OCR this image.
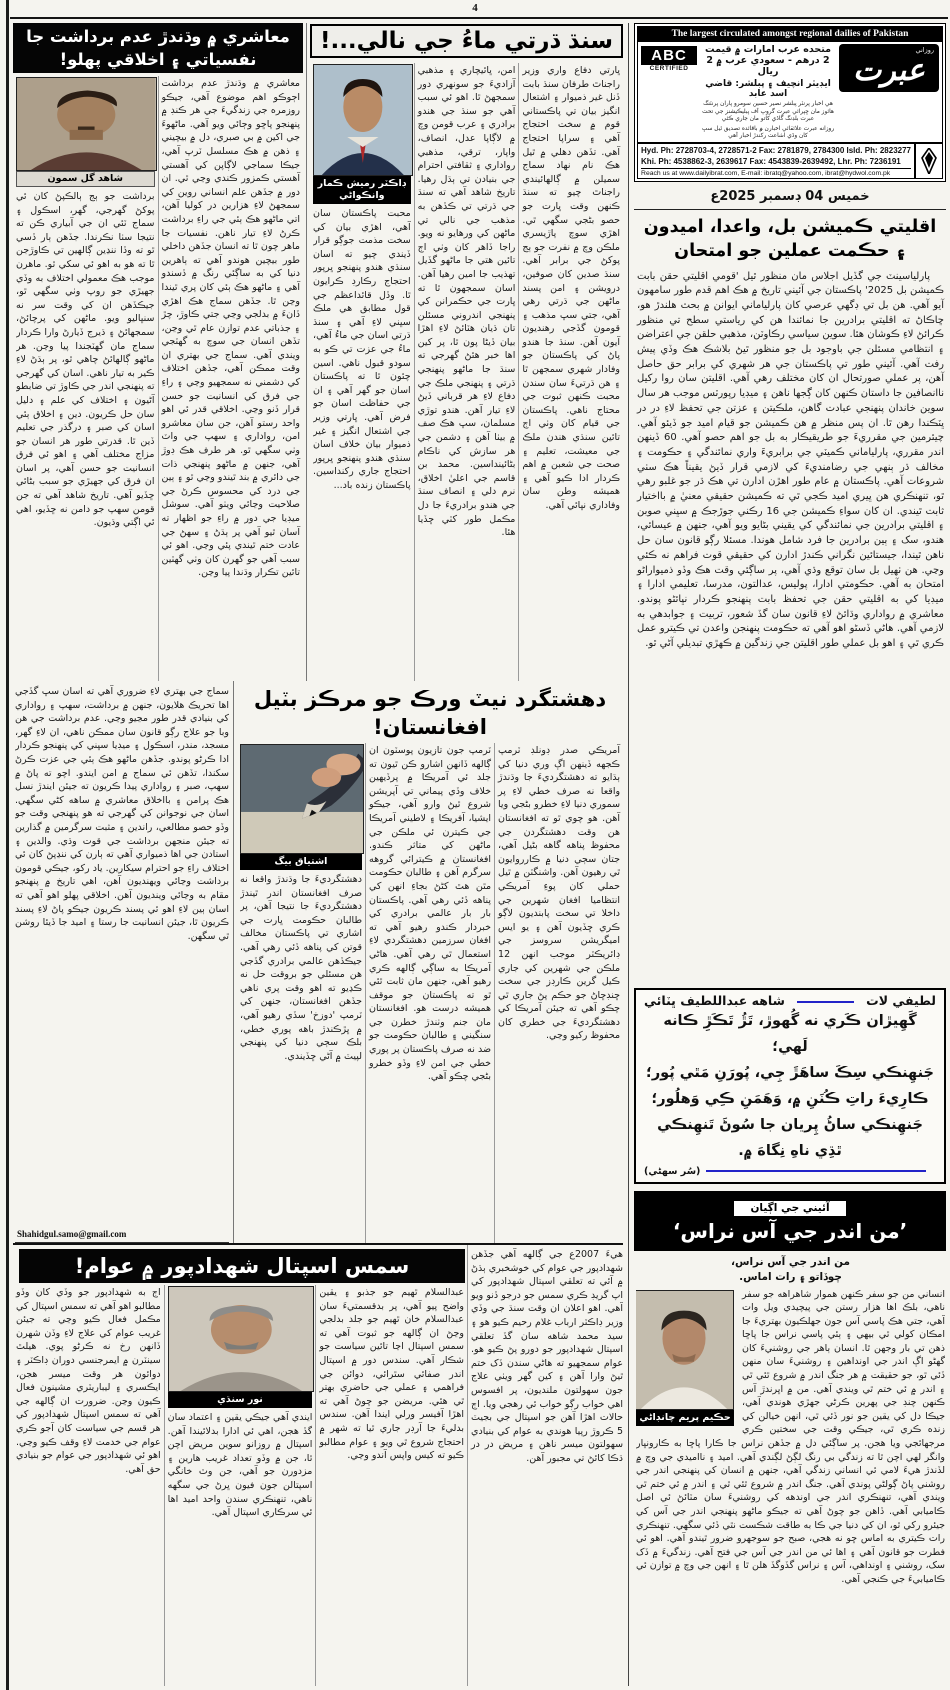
4
معاشري ۾ وڌندڙ عدم برداشت جا نفسياتي ۽ اخلاقي پهلو!
شاهد گل سمون
برداشت جو ٻج ٻالڪپڻ کان ئي پوکڻ گهرجي، گهر، اسڪول ۽ سماج ٽئي ان جي آبياري ڪن ته نتيجا سٺا نڪرندا. جڏهن ٻار ڏسي ٿو ته وڏا ننڍين ڳالهين تي ڪاوڙجن ٿا ته هو به اهو ئي سکي ٿو. ماهرن موجب هڪ معمولي اختلاف به وڏي جهيڙي جو روپ وٺي سگهي ٿو، جيڪڏهن ان کي وقت سر نه سنڀاليو ويو. ماڻهن کي پرچائڻ، سمجهائڻ ۽ ڌيرج ڏيارڻ وارا ڪردار سماج مان گهٽجندا پيا وڃن. هر ماڻهو ڳالهائڻ چاهي ٿو، پر ٻڌڻ لاءِ ڪير به تيار ناهي. اسان کي گهرجي ته پنهنجي اندر جي ڪاوڙ تي ضابطو آڻيون ۽ اختلاف کي علم ۽ دليل سان حل ڪريون. دين ۽ اخلاق ٻئي اسان کي صبر ۽ درگذر جي تعليم ڏين ٿا. قدرتي طور هر انسان جو مزاج مختلف آهي ۽ اهو ئي فرق انسانيت جو حسن آهي، پر اسان ان فرق کي جهيڙي جو سبب بڻائي ڇڏيو آهي. تاريخ شاهد آهي ته جن قومن سهپ جو دامن نه ڇڏيو، اهي ئي اڳتي وڌيون.
معاشري ۾ وڌندڙ عدم برداشت اڄوڪو اهم موضوع آهي، جيڪو روزمره جي زندگيءَ جي هر ڪنڊ ۾ پنهنجو پاڇو وڄائي ويو آهي. ماڻهوءَ جي اکين ۾ بي صبري، دل ۾ بيچيني ۽ ذهن ۾ هڪ مسلسل ٽرپ آهي، جيڪا سماجي لاڳاپن کي آهستي آهستي ڪمزور ڪندي وڃي ٿي. ان دور ۾ جڏهن علم انساني روين کي سمجهڻ لاءِ هزارين در کوليا آهن، اتي ماڻهو هڪ ٻئي جي راءِ برداشت ڪرڻ لاءِ تيار ناهن. نفسيات جا ماهر چون ٿا ته انسان جڏهن داخلي طور بيچين هوندو آهي ته ٻاهرين دنيا کي به ساڳئي رنگ ۾ ڏسندو آهي ۽ ماڻهو هڪ ٻئي کان پري ٿيندا وڃن ٿا. جڏهن سماج هڪ اهڙي ڏانءَ ۾ بدلجي وڃي جتي ڪاوڙ، چڙ ۽ جذباتي عدم توازن عام ٿي وڃن، تڏهن انسان جي سوچ به گهٽجي ويندي آهي. سماج جي بهتري ان وقت ممڪن آهي، جڏهن اختلاف کي دشمني نه سمجهيو وڃي ۽ راءِ جي فرق کي انسانيت جو حسن قرار ڏنو وڃي. اخلاقي قدر ئي اهو واحد رستو آهن، جن سان معاشرو امن، رواداري ۽ سهپ جي واٽ وٺي سگهي ٿو. هر طرف هڪ ڊوڙ آهي، جنهن ۾ ماڻهو پنهنجي ذات جي دائري ۾ بند ٿيندو وڃي ٿو ۽ ٻين جي درد کي محسوس ڪرڻ جي صلاحيت وڃائي ويٺو آهي. سوشل ميڊيا جي دور ۾ راءِ جو اظهار ته آسان ٿيو آهي پر ٻڌڻ ۽ سهڻ جي عادت ختم ٿيندي پئي وڃي. اهو ئي سبب آهي جو گهرن کان وٺي گهٽين تائين تڪرار وڌندا پيا وڃن.
سنڌ ڌرتي ماءُ جي نالي...!
ڊاڪٽر رميش ڪمار وانڪواڻي
محبت پاڪستان سان آهي، اهڙي بيان کي سخت مذمت جوڳو قرار ڏيندي چيو ته اسان سنڌي هندو پنهنجو ڀرپور احتجاج رڪارڊ ڪرايون ٿا. وڏل قائداعظم جي قول مطابق هي ملڪ سڀني لاءِ آهي ۽ سنڌ ڌرتي اسان جي ماءُ آهي، ماءُ جي عزت تي ڪو به سودو قبول ناهي. اسين چئون ٿا ته پاڪستان اسان جو گهر آهي ۽ ان جي حفاظت اسان جو فرض آهي. ڀارتي وزير جي اشتعال انگيز ۽ غير ذميوار بيان خلاف اسان سنڌي هندو پنهنجو ڀرپور احتجاج جاري رکنداسين. پاڪستان زنده باد...
امن، ڀائيچاري ۽ مذهبي آزاديءَ جو سونهري دور سمجهڻ ٿا. اهو ئي سبب آهي جو سنڌ جي هندو برادري ۽ عرب قومن وچ ۾ لاڳاپا عدل، انصاف، واپار، ترقي، مذهبي رواداري ۽ ثقافتي احترام جي بنيادن تي ٻڌل رهيا. تاريخ شاهد آهي ته سنڌ جي ڌرتي تي ڪڏهن به مذهب جي نالي تي ماڻهن کي ورهايو نه ويو. راجا ڏاهر کان وٺي اڄ تائين هتي جا ماڻهو گڏيل تهذيب جا امين رهيا آهن. اسان سمجهون ٿا ته ڀارت جي حڪمرانن کي پنهنجي اندروني مسئلن تان ڌيان هٽائڻ لاءِ اهڙا بيان ڏيڻا پون ٿا، پر کين اها خبر هئڻ گهرجي ته سنڌ جا ماڻهو پنهنجي ڌرتي ۽ پنهنجي ملڪ جي دفاع لاءِ هر قرباني ڏيڻ لاءِ تيار آهن. هندو توڙي مسلمان، سڀ هڪ صف ۾ بيٺا آهن ۽ دشمن جي هر سازش کي ناڪام بڻائينداسين. محمد بن قاسم جي اعليٰ اخلاق، نرم دلي ۽ انصاف سنڌ جي هندو برادريءَ جا دل مڪمل طور کٽي ڇڏيا هئا.
ڀارتي دفاع واري وزير راجناٿ طرفان سنڌ بابت ڏنل غير ذميوار ۽ اشتعال انگيز بيان تي پاڪستاني قوم ۾ سخت احتجاج آهي ۽ سراپا احتجاج آهي. تڏهن دهلي ۾ ٿيل هڪ نام نهاد سماج سميلن ۾ ڳالهائيندي راجناٿ چيو ته سنڌ ڪنهن وقت ڀارت جو حصو بڻجي سگهي ٿي. اهڙي سوچ پاڙيسري ملڪن وچ ۾ نفرت جو ٻج پوکڻ جي برابر آهي. سنڌ صدين کان صوفين، درويشن ۽ امن پسند ماڻهن جي ڌرتي رهي آهي، جتي سڀ مذهب ۽ قومون گڏجي رهنديون آيون آهن. سنڌ جا هندو پاڻ کي پاڪستان جو وفادار شهري سمجهن ٿا ۽ هن ڌرتيءَ سان سندن محبت ڪنهن ثبوت جي محتاج ناهي. پاڪستان جي قيام کان وٺي اڄ تائين سنڌي هندن ملڪ جي معيشت، تعليم ۽ صحت جي شعبن ۾ اهم ڪردار ادا ڪيو آهي ۽ هميشه وطن سان وفاداري نڀائي آهي.
سماج جي بهتري لاءِ ضروري آهي ته اسان سڀ گڏجي اها تحريڪ هلايون، جنهن ۾ برداشت، سهپ ۽ رواداري کي بنيادي قدر طور مڃيو وڃي. عدم برداشت جي هن وبا جو علاج رڳو قانون سان ممڪن ناهي، ان لاءِ گهر، مسجد، مندر، اسڪول ۽ ميڊيا سڀني کي پنهنجو ڪردار ادا ڪرڻو پوندو. جڏهن ماڻهو هڪ ٻئي جي عزت ڪرڻ سکندا، تڏهن ئي سماج ۾ امن ايندو. اچو ته پاڻ ۾ سهپ، صبر ۽ رواداري پيدا ڪريون ته جيئن ايندڙ نسل هڪ پرامن ۽ بااخلاق معاشري ۾ ساهه کڻي سگهي. اسان جي نوجوانن کي گهرجي ته هو پنهنجي وقت جو وڏو حصو مطالعي، راندين ۽ مثبت سرگرمين ۾ گذارين ته جيئن منجهن برداشت جي قوت وڌي. والدين ۽ استادن جي اها ذميواري آهي ته ٻارن کي ننڍپڻ کان ئي اختلاف راءِ جو احترام سيکارين. ياد رکو، جيڪي قومون برداشت وڃائي ويهنديون آهن، اهي تاريخ ۾ پنهنجو مقام به وڃائي وينديون آهن. اخلاقي پهلو اهو آهي ته اسان ٻين لاءِ اهو ئي پسند ڪريون جيڪو پاڻ لاءِ پسند ڪريون ٿا، جيئن انسانيت جا رستا ۽ اميد جا ڏيئا روشن ٿي سگهن.
Shahidgul.samo@gmail.com
دهشتگرد نيٽ ورڪ جو مرڪز بٽيل افغانستان!
اشتياق بيگ
دهشتگرديءَ جا وڌندڙ واقعا نه صرف افغانستان اندر ٿيندڙ دهشتگرديءَ جا نتيجا آهن، پر طالبان حڪومت ڀارت جي اشاري تي پاڪستان مخالف قوتن کي پناهه ڏئي رهي آهي. جيڪڏهن عالمي برادري گڏجي هن مسئلي جو بروقت حل نه ڪڍيو ته اهو وقت پري ناهي جڏهن افغانستان، جنهن کي ٽرمپ 'دوزخ' سڏي رهيو آهي، ۾ ڀڙڪندڙ باهه پوري خطي، بلڪ سڄي دنيا کي پنهنجي لپيٽ ۾ آڻي ڇڏيندي.
ٽرمپ جون تازيون پوسٽون ان ڳالهه ڏانهن اشارو ڪن ٿيون ته جلد ئي آمريڪا ۾ پرڏيهين خلاف وڏي پيماني تي آپريشن شروع ٿيڻ وارو آهي، جيڪو ايشيا، آفريڪا ۽ لاطيني آمريڪا جي ڪيترن ئي ملڪن جي ماڻهن کي متاثر ڪندو. افغانستان ۾ ڪيترائي گروهه سرگرم آهن ۽ طالبان حڪومت مٿن هٿ کڻڻ بجاءِ انهن کي پناهه ڏئي رهي آهي. پاڪستان بار بار عالمي برادري کي خبردار ڪندو رهيو آهي ته افغان سرزمين دهشتگردي لاءِ استعمال ٿي رهي آهي. هاڻي آمريڪا به ساڳي ڳالهه ڪري رهيو آهي، جنهن مان ثابت ٿئي ٿو ته پاڪستان جو موقف هميشه درست هو. افغانستان مان جنم وٺندڙ خطرن جي سنگيني ۽ طالبان حڪومت جو ضد نه صرف پاڪستان پر پوري خطي جي امن لاءِ وڏو خطرو بڻجي چڪو آهي.
آمريڪي صدر ڊونلڊ ٽرمپ ڪجهه ڏينهن اڳ وري دنيا کي ٻڌايو ته دهشتگرديءَ جا وڌندڙ واقعا نه صرف خطي لاءِ پر سموري دنيا لاءِ خطرو بڻجي ويا آهن. هو چوي ٿو ته افغانستان هن وقت دهشتگردن جي محفوظ پناهه گاهه بڻيل آهي، جتان سڄي دنيا ۾ ڪارروايون ٿي رهيون آهن. واشنگٽن ۾ ٿيل حملي کان پوءِ آمريڪي انتظاميا افغان شهرين جي داخلا تي سخت پابنديون لاڳو ڪري ڇڏيون آهن ۽ يو ايس اميگريشن سروسز جي ڊائريڪٽر موجب انهن 12 ملڪن جي شهرين کي جاري ڪيل گرين ڪارڊز جي سخت ڇنڊڇاڻ جو حڪم پڻ جاري ٿي چڪو آهي ته جيئن آمريڪا کي دهشتگرديءَ جي خطري کان محفوظ رکيو وڃي.
سمس اسپتال شهدادپور ۾ عوام!
اڄ به شهدادپور جو وڏي کان وڏو مطالبو اهو آهي ته سمس اسپتال کي مڪمل فعال ڪيو وڃي ته جيئن غريب عوام کي علاج لاءِ وڏن شهرن ڏانهن رخ نه ڪرڻو پوي. هيلٿ سينٽرن ۾ ايمرجنسي دوران ڊاڪٽر ۽ دوائون هر وقت ميسر هجن، ايڪسري ۽ ليباريٽري مشينون فعال ڪيون وڃن. ضرورت ان ڳالهه جي آهي ته سمس اسپتال شهدادپور کي هر قسم جي سياست کان آجو ڪري عوام جي خدمت لاءِ وقف ڪيو وڃي. اهو ئي شهدادپور جي عوام جو بنيادي حق آهي.
نور سنڌي
ايندي آهي جيڪي يقين ۽ اعتماد سان گڏ هجن، اهي ئي ادارا بدلائيندا آهن. اسپتال ۾ روزانو سوين مريض اچن ٿا، جن ۾ وڏو تعداد غريب هارين ۽ مزدورن جو آهي، جن وٽ خانگي اسپتالن جون فيون ڀرڻ جي سگهه ناهي، تنهنڪري سندن واحد اميد اها ئي سرڪاري اسپتال آهي.
عبدالسلام ٿهيم جو جذبو ۽ يقين واضح پيو آهي، پر بدقسمتيءَ سان عبدالسلام خان ٿهيم جو جلد بدلجي وڃڻ ان ڳالهه جو ثبوت آهي ته سمس اسپتال اڃا تائين سياست جو شڪار آهي. سندس دور ۾ اسپتال اندر صفائي سٿرائي، دوائن جي فراهمي ۽ عملي جي حاضري بهتر ٿي هئي. مريضن جو چوڻ آهي ته اهڙا آفيسر ورلي ايندا آهن. سندس بدليءَ جا آرڊر جاري ٿيا ته شهر ۾ احتجاج شروع ٿي ويو ۽ عوام مطالبو ڪيو ته کيس واپس آندو وڃي.
هيءَ 2007ع جي ڳالهه آهي جڏهن شهدادپور جي عوام کي خوشخبري ٻڌڻ ۾ آئي ته تعلقي اسپتال شهدادپور کي اپ گريڊ ڪري سمس جو درجو ڏنو ويو آهي. اهو اعلان ان وقت سنڌ جي وڏي وزير ڊاڪٽر ارباب غلام رحيم ڪيو هو ۽ سيد محمد شاهه سان گڏ تعلقي اسپتال شهدادپور جو دورو پڻ ڪيو هو. عوام سمجهيو ته هاڻي سندن ڏک ختم ٿيڻ وارا آهن ۽ کين گهر ويٺي علاج جون سهولتون ملنديون، پر افسوس اهي خواب رڳو خواب ئي رهجي ويا. اڄ حالات اهڙا آهن جو اسپتال جي بجيٽ 5 ڪروڙ رپيا هوندي به عوام کي بنيادي سهولتون ميسر ناهن ۽ مريض در در ڌڪا کائڻ تي مجبور آهن.
The largest circulated amongst regional dailies of Pakistan
ABC
CERTIFIED
متحده عرب امارات ۾ قيمت 2 درهم - سعودي عرب ۾ 2 ريال
ايڊيٽر انچيف ۽ پبلشر: قاضي اسد عابد
هي اخبار پرنٽر پبلشر نصير حسين سومرو پاران پرنٽنگ هائوز مان ڇپرائي عبرت گروپ آف پبليڪيشنز جي تحت عبرت بلڊنگ گاڏي کاتو مان جاري ڪئي
روزانه عبرت علائقائي اخبارن ۾ باقائده تصديق ٿيل سڀ کان وڏي اشاعت رکندڙ اخبار آهي
روزاني
عبرت
Hyd. Ph: 2728703-4, 2728571-2 Fax: 2781879, 2784300 Isld. Ph: 2823277
Khi. Ph: 4538862-3, 2639617 Fax: 4543839-2639492, Lhr. Ph: 7236191
Reach us at www.dailyibrat.com, E-mail: ibratq@yahoo.com, ibrat@hydwol.com.pk
خميس 04 ڊسمبر 2025ع
اقليتي ڪميشن بل، واعدا، اميدون ۽ حڪمت عملين جو امتحان
پارلياسينٽ جي گڏيل اجلاس مان منظور ٿيل 'قومي اقليتي حقن بابت ڪميشن بل 2025' پاڪستان جي آئيني تاريخ ۾ هڪ اهم قدم طور سامهون آيو آهي. هن بل تي ڊگهي عرصي کان پارلياماني ايوانن ۾ بحث هلندڙ هو، ڇاڪاڻ ته اقليتي برادرين جا نمائندا هن کي رياستي سطح تي منظور ڪرائڻ لاءِ ڪوشان هئا. سوين سياسي رڪاوٽن، مذهبي حلقن جي اعتراضن ۽ انتظامي مسئلن جي باوجود بل جو منظور ٿيڻ بلاشڪ هڪ وڏي پيش رفت آهي. آئيني طور تي پاڪستان جي هر شهري کي برابر حق حاصل آهن، پر عملي صورتحال ان کان مختلف رهي آهي. اقليتن سان روا رکيل ناانصافين جا داستان ڪنهن کان ڳجها ناهن ۽ ميڊيا رپورٽس موجب هر سال سوين خاندان پنهنجي عبادت گاهن، ملڪيتن ۽ عزتن جي تحفظ لاءِ در در ڀٽڪندا رهن ٿا. ان پس منظر ۾ هن ڪميشن جو قيام اميد جو ڏيئو آهي. چيئرمين جي مقرريءَ جو طريقيڪار به بل جو اهم حصو آهي. 60 ڏينهن اندر مقرري، پارلياماني ڪميٽي جي برابريءَ واري نمائندگي ۽ حڪومت ۽ مخالف ڌر ٻنهي جي رضامنديءَ کي لازمي قرار ڏيڻ يقيناً هڪ سٺي شروعات آهي. پاڪستان ۾ عام طور اهڙن ادارن تي هڪ ڌر جو غلبو رهي ٿو، تنهنڪري هن ڀيري اميد ڪجي ٿي ته ڪميشن حقيقي معنيٰ ۾ بااختيار ثابت ٿيندي. ان کان سواءِ ڪميشن جي 16 رڪني جوڙجڪ ۾ سڀني صوبن ۽ اقليتي برادرين جي نمائندگي کي يقيني بڻايو ويو آهي، جنهن ۾ عيسائي، هندو، سک ۽ ٻين برادرين جا فرد شامل هوندا. مسئلا رڳو قانون سان حل ناهن ٿيندا، جيستائين نگراني ڪندڙ ادارن کي حقيقي قوت فراهم نه ڪئي وڃي. هن ٺهيل بل سان توقع وڌي آهي، پر ساڳئي وقت هڪ وڏو ذميواراڻو امتحان به آهي. حڪومتي ادارا، پوليس، عدالتون، مدرسا، تعليمي ادارا ۽ ميڊيا کي به اقليتي حقن جي تحفظ بابت پنهنجو ڪردار نڀائڻو پوندو. معاشري ۾ رواداري وڌائڻ لاءِ قانون سان گڏ شعور، تربيت ۽ جوابدهي به لازمي آهي. هاڻي ڏسڻو اهو آهي ته حڪومت پنهنجن واعدن تي ڪيترو عمل ڪري ٿي ۽ اهو بل عملي طور اقليتن جي زندگين ۾ ڪهڙي تبديلي آڻي ٿو.
لطيفي لات
شاهه عبداللطيف ڀٽائي
گَهِيڙان ڪَري نه گُهوڙ، تَڙُ تَڪَڙِ ڪانه لَهي؛
جَنهِنڪي سِڪَ ساهَڙَ جِي، پُورَنِ مَٿي پُور؛
ڪارِيءَ راتِ ڪُنَنِ ۾، وَهَمَنِ ڪِي وَهلُور؛
جَنهِنڪي ساڻُ پِريان جا سُوڻَ تَنهِنڪي ٿڌِي ناهِ نِگاهَ ۾.
(سُر سهڻي)
آئيني جي اڳيان
’من اندر جي آس نراس‘
من اندر جي آس نراس،
چوڏاتو ۽ رات اماس.
حڪيم پريم چانڊاڻي
انساني من جو سفر ڪنهن هموار شاهراهه جو سفر ناهي، بلڪ اها هزار رستن جي پيچيدي ويل وات آهي، جتي هڪ پاسي آس جون جهلڪيون بهتريءَ جا امڪان کولي ٿي بيهي ۽ ٻئي پاسي نراس جا پاڇا ذهن تي بار وجهن ٿا. انسان ٻاهر جي روشنيءَ کان گهڻو اڳ اندر جي اونداهين ۽ روشنيءَ سان منهن ڏئي ٿو، جو حقيقت ۾ هر جنگ اندر ۾ شروع ٿئي ٿي ۽ اندر ۾ ئي ختم ٿي ويندي آهي. من ۾ اڀرندڙ آس ڪنهن چنڊ جي پهرين ڪرڻي جهڙي هوندي آهي، جيڪا دل کي يقين جو نور ڏئي ٿي، انهن خيالن کي زنده ڪري ٿي، جيڪي وقت جي سختين ڪري مرجهائجي ويا هجن. پر ساڳئي دل ۾ جڏهن نراس جا ڪارا پاڇا به ڪارونڀار وانگر لهي اچن ٿا ته زندگي بي رنگ لڳڻ لڳندي آهي. اميد ۽ نااميدي جي وچ ۾ لڏندڙ هيءَ لامي ئي انساني زندگي آهي، جنهن ۾ انسان کي پنهنجي اندر جي روشني پاڻ ڳولڻي پوندي آهي. جنگ اندر ۾ شروع ٿئي ٿي ۽ اندر ۾ ئي ختم ٿي ويندي آهي، تنهنڪري اندر جي اوندهه کي روشنيءَ سان مٽائڻ ئي اصل ڪاميابي آهي. ڏاهن جو چوڻ آهي ته جيڪو ماڻهو پنهنجي اندر جي آس کي جيئرو رکي ٿو، ان کي دنيا جي ڪا به طاقت شڪست نٿي ڏئي سگهي. تنهنڪري رات ڪيتري به اماس ڇو نه هجي، صبح جو سوجهرو ضرور ٿيندو آهي. اهو ئي فطرت جو قانون آهي ۽ اها ئي من اندر جي آس جي فتح آهي. زندگيءَ ۾ ڏک سک، روشني ۽ اونداهي، آس ۽ نراس گڏوگڏ هلن ٿا ۽ انهن جي وچ ۾ توازن ئي ڪاميابيءَ جي ڪنجي آهي.
